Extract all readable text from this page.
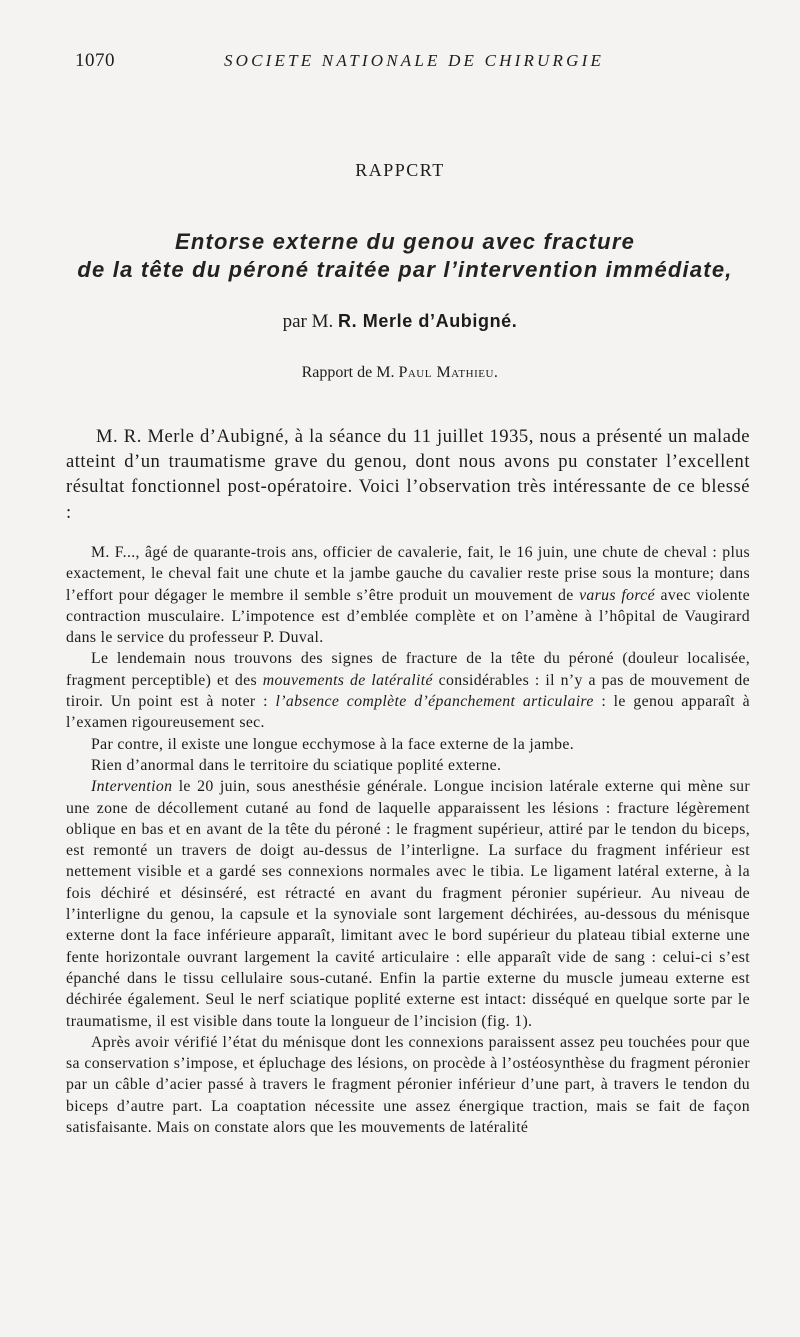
1070	SOCIETE NATIONALE DE CHIRURGIE
RAPPCRT
Entorse externe du genou avec fracture
de la tête du péroné traitée par l’intervention immédiate,
par M. R. Merle d’Aubigné.
Rapport de M. Paul Mathieu.

M. R. Merle d’Aubigné, à la séance du 11 juillet 1935, nous a présenté un malade atteint d’un traumatisme grave du genou, dont nous avons pu constater l’excellent résultat fonctionnel post-opératoire. Voici l’observation très intéressante de ce blessé :

M. F..., âgé de quarante-trois ans, officier de cavalerie, fait, le 16 juin, une chute de cheval : plus exactement, le cheval fait une chute et la jambe gauche du cavalier reste prise sous la monture; dans l’effort pour dégager le membre il semble s’être produit un mouvement de varus forcé avec violente contraction musculaire. L’impotence est d’emblée complète et on l’amène à l’hôpital de Vaugirard dans le service du professeur P. Duval.

Le lendemain nous trouvons des signes de fracture de la tête du péroné (douleur localisée, fragment perceptible) et des mouvements de latéralité considérables : il n’y a pas de mouvement de tiroir. Un point est à noter : l’absence complète d’épanchement articulaire : le genou apparaît à l’examen rigoureusement sec.

Par contre, il existe une longue ecchymose à la face externe de la jambe.

Rien d’anormal dans le territoire du sciatique poplité externe.

Intervention le 20 juin, sous anesthésie générale. Longue incision latérale externe qui mène sur une zone de décollement cutané au fond de laquelle apparaissent les lésions : fracture légèrement oblique en bas et en avant de la tête du péroné : le fragment supérieur, attiré par le tendon du biceps, est remonté un travers de doigt au-dessus de l’interligne. La surface du fragment inférieur est nettement visible et a gardé ses connexions normales avec le tibia. Le ligament latéral externe, à la fois déchiré et désinséré, est rétracté en avant du fragment péronier supérieur. Au niveau de l’interligne du genou, la capsule et la synoviale sont largement déchirées, au-dessous du ménisque externe dont la face inférieure apparaît, limitant avec le bord supérieur du plateau tibial externe une fente horizontale ouvrant largement la cavité articulaire : elle apparaît vide de sang : celui-ci s’est épanché dans le tissu cellulaire sous-cutané. Enfin la partie externe du muscle jumeau externe est déchirée également. Seul le nerf sciatique poplité externe est intact: disséqué en quelque sorte par le traumatisme, il est visible dans toute la longueur de l’incision (fig. 1).

Après avoir vérifié l’état du ménisque dont les connexions paraissent assez peu touchées pour que sa conservation s’impose, et épluchage des lésions, on procède à l’ostéosynthèse du fragment péronier par un câble d’acier passé à travers le fragment péronier inférieur d’une part, à travers le tendon du biceps d’autre part. La coaptation nécessite une assez énergique traction, mais se fait de façon satisfaisante. Mais on constate alors que les mouvements de latéralité
